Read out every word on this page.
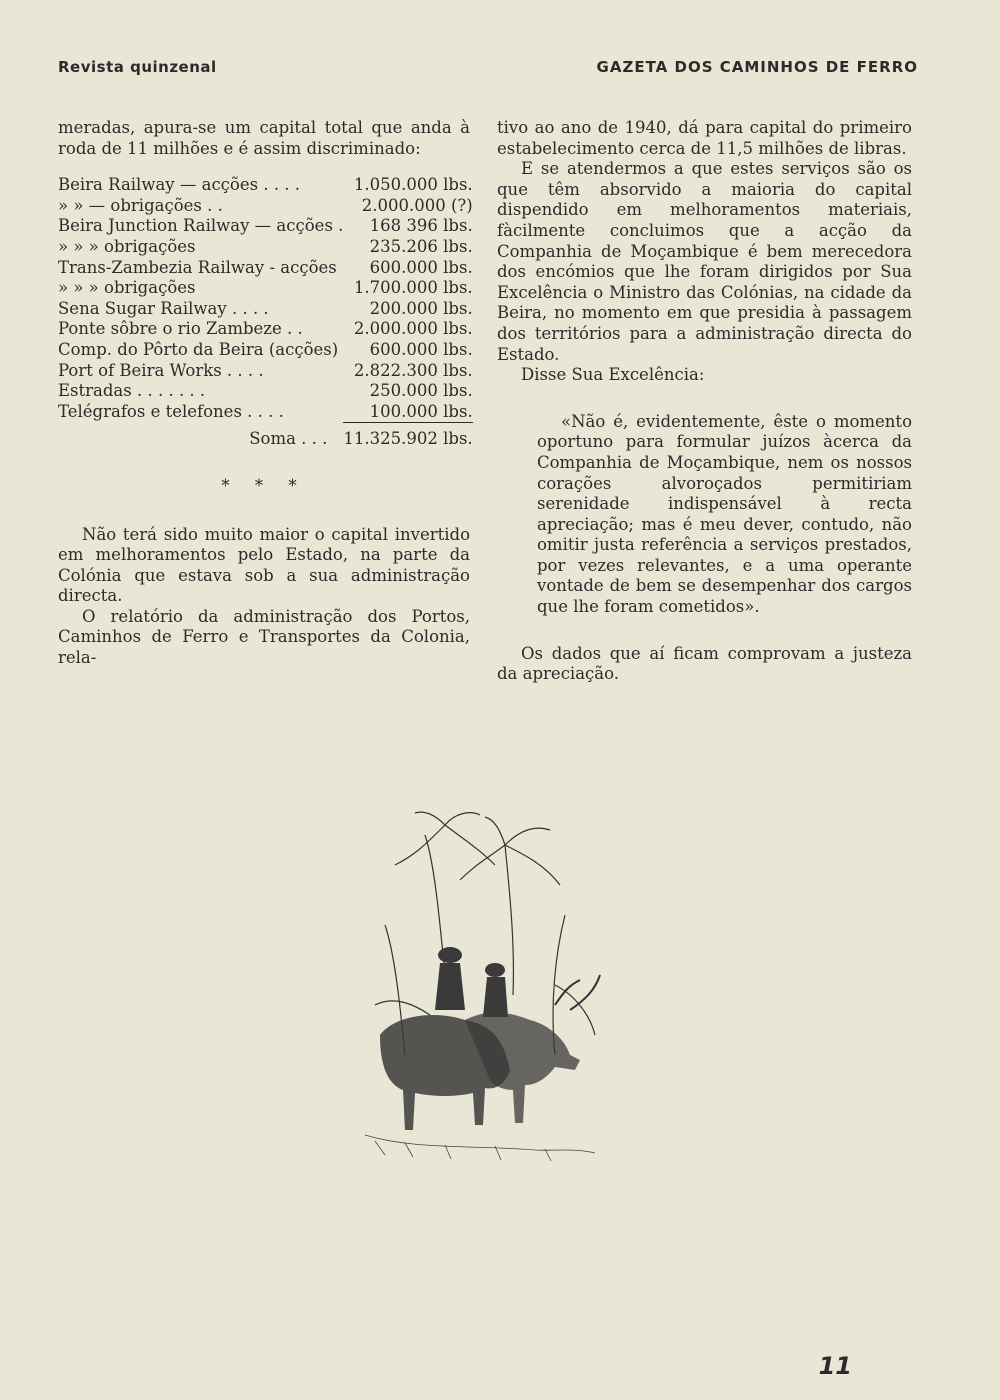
Revista quinzenal	GAZETA DOS CAMINHOS DE FERRO

meradas, apura-se um capital total que anda à roda de 11 milhões e é assim discriminado:

Beira Railway — acções . . . .	1.050.000 lbs.
» » — obrigações . .	2.000.000 (?)
Beira Junction Railway — acções .	168 396 lbs.
» » » obrigações	235.206 lbs.
Trans-Zambezia Railway - acções	600.000 lbs.
» » » obrigações	1.700.000 lbs.
Sena Sugar Railway . . . .	200.000 lbs.
Ponte sôbre o rio Zambeze . .	2.000.000 lbs.
Comp. do Pôrto da Beira (acções)	600.000 lbs.
Port of Beira Works . . . .	2.822.300 lbs.
Estradas . . . . . . .	250.000 lbs.
Telégrafos e telefones . . . .	100.000 lbs.
Soma . . .	11.325.902 lbs.
* * *

Não terá sido muito maior o capital invertido em melhoramentos pelo Estado, na parte da Colónia que estava sob a sua administração directa.

O relatório da administração dos Portos, Caminhos de Ferro e Transportes da Colonia, rela-

tivo ao ano de 1940, dá para capital do primeiro estabelecimento cerca de 11,5 milhões de libras.

E se atendermos a que estes serviços são os que têm absorvido a maioria do capital dispendido em melhoramentos materiais, fàcilmente concluimos que a acção da Companhia de Moçambique é bem merecedora dos encómios que lhe foram dirigidos por Sua Excelência o Ministro das Colónias, na cidade da Beira, no momento em que presidia à passagem dos territórios para a administração directa do Estado.

Disse Sua Excelência:

«Não é, evidentemente, êste o momento oportuno para formular juízos àcerca da Companhia de Moçambique, nem os nossos corações alvoroçados permitiriam serenidade indispensável à recta apreciação; mas é meu dever, contudo, não omitir justa referência a serviços prestados, por vezes relevantes, e a uma operante vontade de bem se desempenhar dos cargos que lhe foram cometidos».

Os dados que aí ficam comprovam a justeza da apreciação.

11
